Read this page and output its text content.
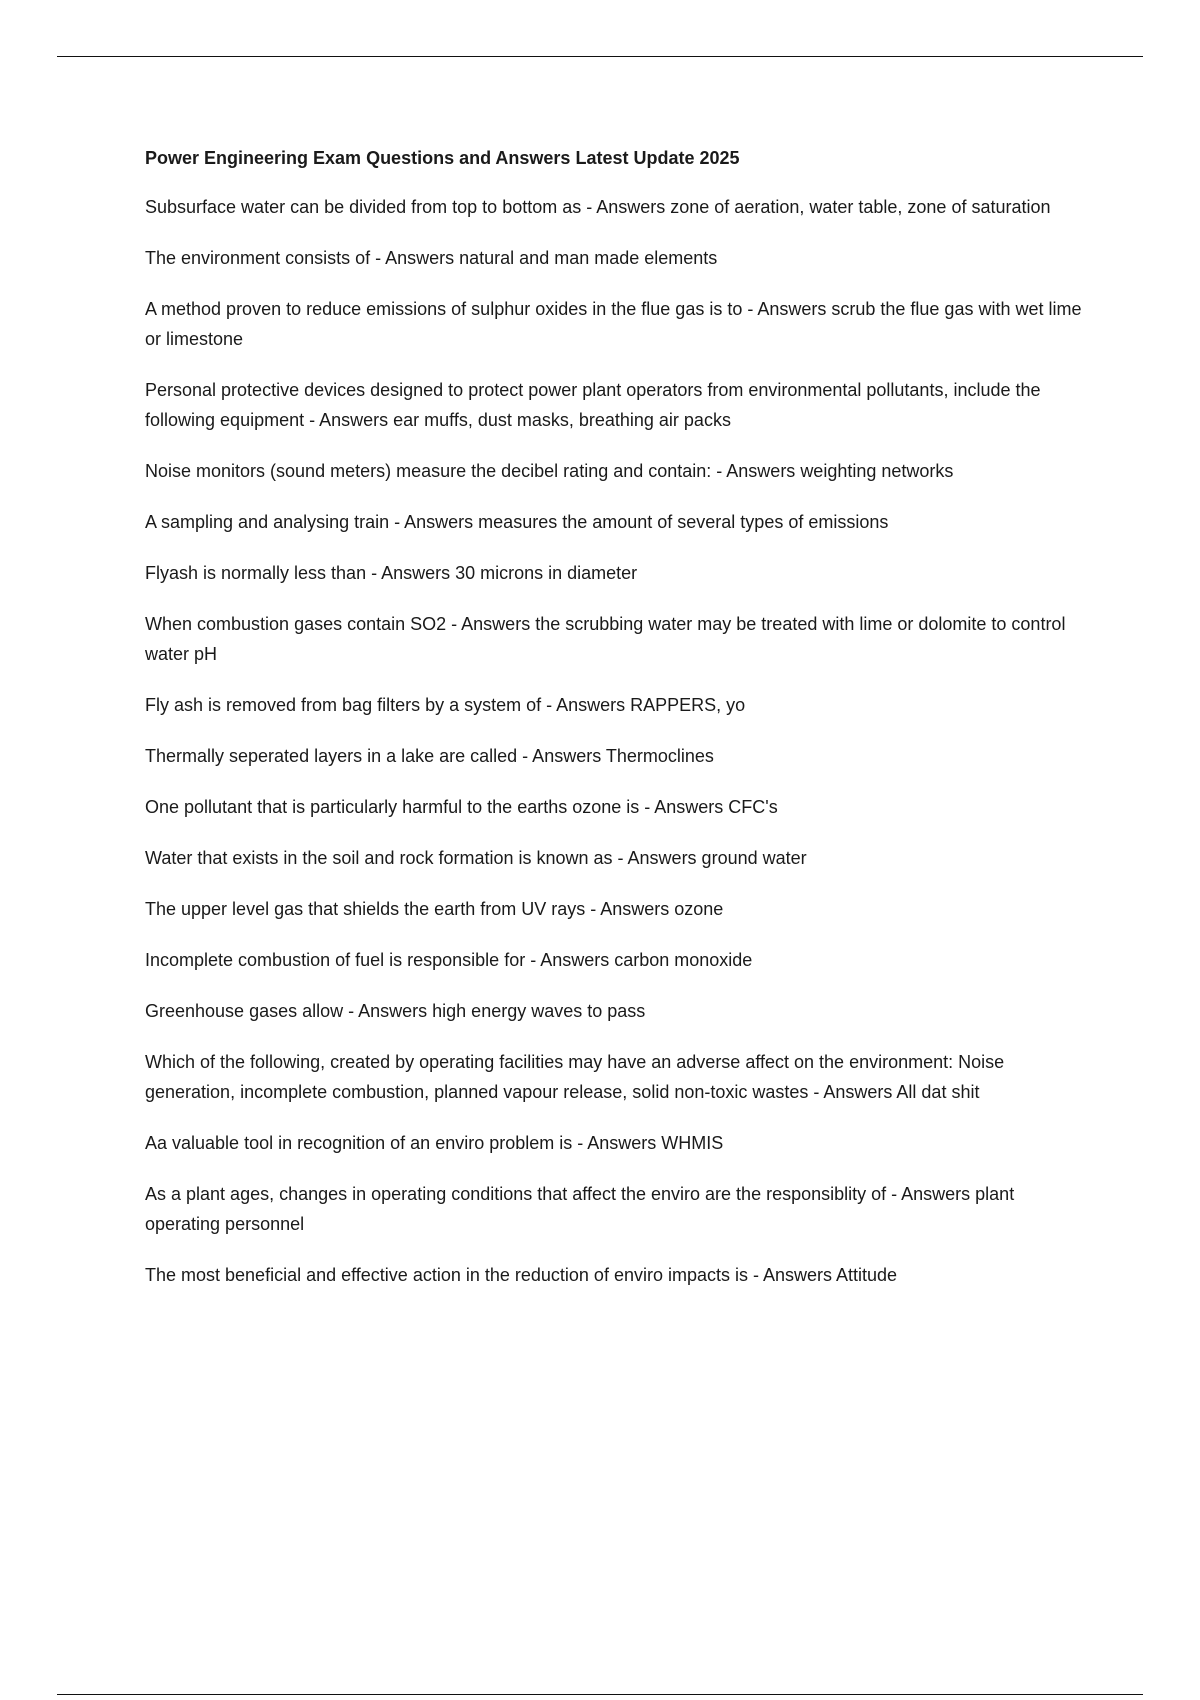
Power Engineering Exam Questions and Answers Latest Update 2025

Subsurface water can be divided from top to bottom as - Answers zone of aeration, water table, zone of saturation

The environment consists of - Answers natural and man made elements

A method proven to reduce emissions of sulphur oxides in the flue gas is to - Answers scrub the flue gas with wet lime or limestone

Personal protective devices designed to protect power plant operators from environmental pollutants, include the following equipment - Answers ear muffs, dust masks, breathing air packs

Noise monitors (sound meters) measure the decibel rating and contain: - Answers weighting networks

A sampling and analysing train - Answers measures the amount of several types of emissions

Flyash is normally less than - Answers 30 microns in diameter

When combustion gases contain SO2 - Answers the scrubbing water may be treated with lime or dolomite to control water pH

Fly ash is removed from bag filters by a system of - Answers RAPPERS, yo

Thermally seperated layers in a lake are called - Answers Thermoclines

One pollutant that is particularly harmful to the earths ozone is - Answers CFC's

Water that exists in the soil and rock formation is known as - Answers ground water

The upper level gas that shields the earth from UV rays - Answers ozone

Incomplete combustion of fuel is responsible for - Answers carbon monoxide

Greenhouse gases allow - Answers high energy waves to pass

Which of the following, created by operating facilities may have an adverse affect on the environment: Noise generation, incomplete combustion, planned vapour release, solid non-toxic wastes - Answers All dat shit

Aa valuable tool in recognition of an enviro problem is - Answers WHMIS

As a plant ages, changes in operating conditions that affect the enviro are the responsiblity of - Answers plant operating personnel

The most beneficial and effective action in the reduction of enviro impacts is - Answers Attitude
